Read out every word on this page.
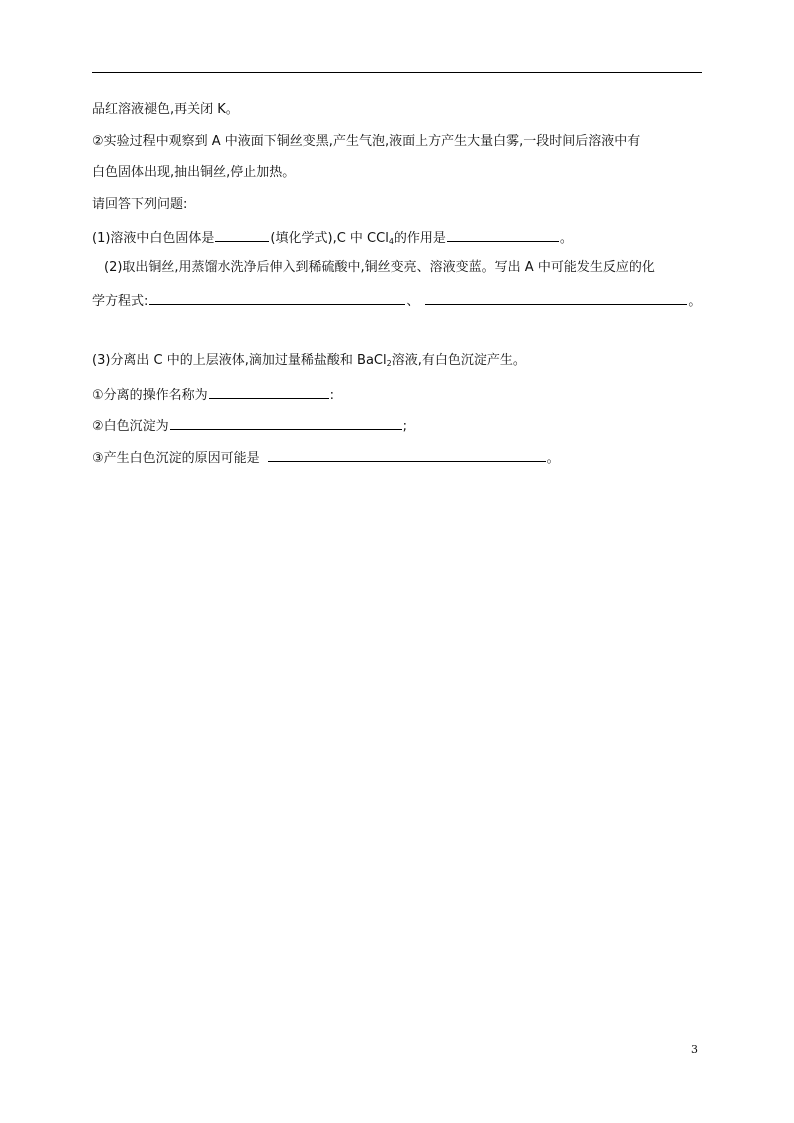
品红溶液褪色,再关闭 K。
②实验过程中观察到 A 中液面下铜丝变黑,产生气泡,液面上方产生大量白雾,一段时间后溶液中有
白色固体出现,抽出铜丝,停止加热。
请回答下列问题:
(1)溶液中白色固体是	(填化学式),C 中 CCl$_4$的作用是	。
(2)取出铜丝,用蒸馏水洗净后伸入到稀硫酸中,铜丝变亮、溶液变蓝。写出 A 中可能发生反应的化
学方程式:	、	。
(3)分离出 C 中的上层液体,滴加过量稀盐酸和 BaCl$_2$溶液,有白色沉淀产生。
①分离的操作名称为	:
②白色沉淀为	;
③产生白色沉淀的原因可能是	。
3
